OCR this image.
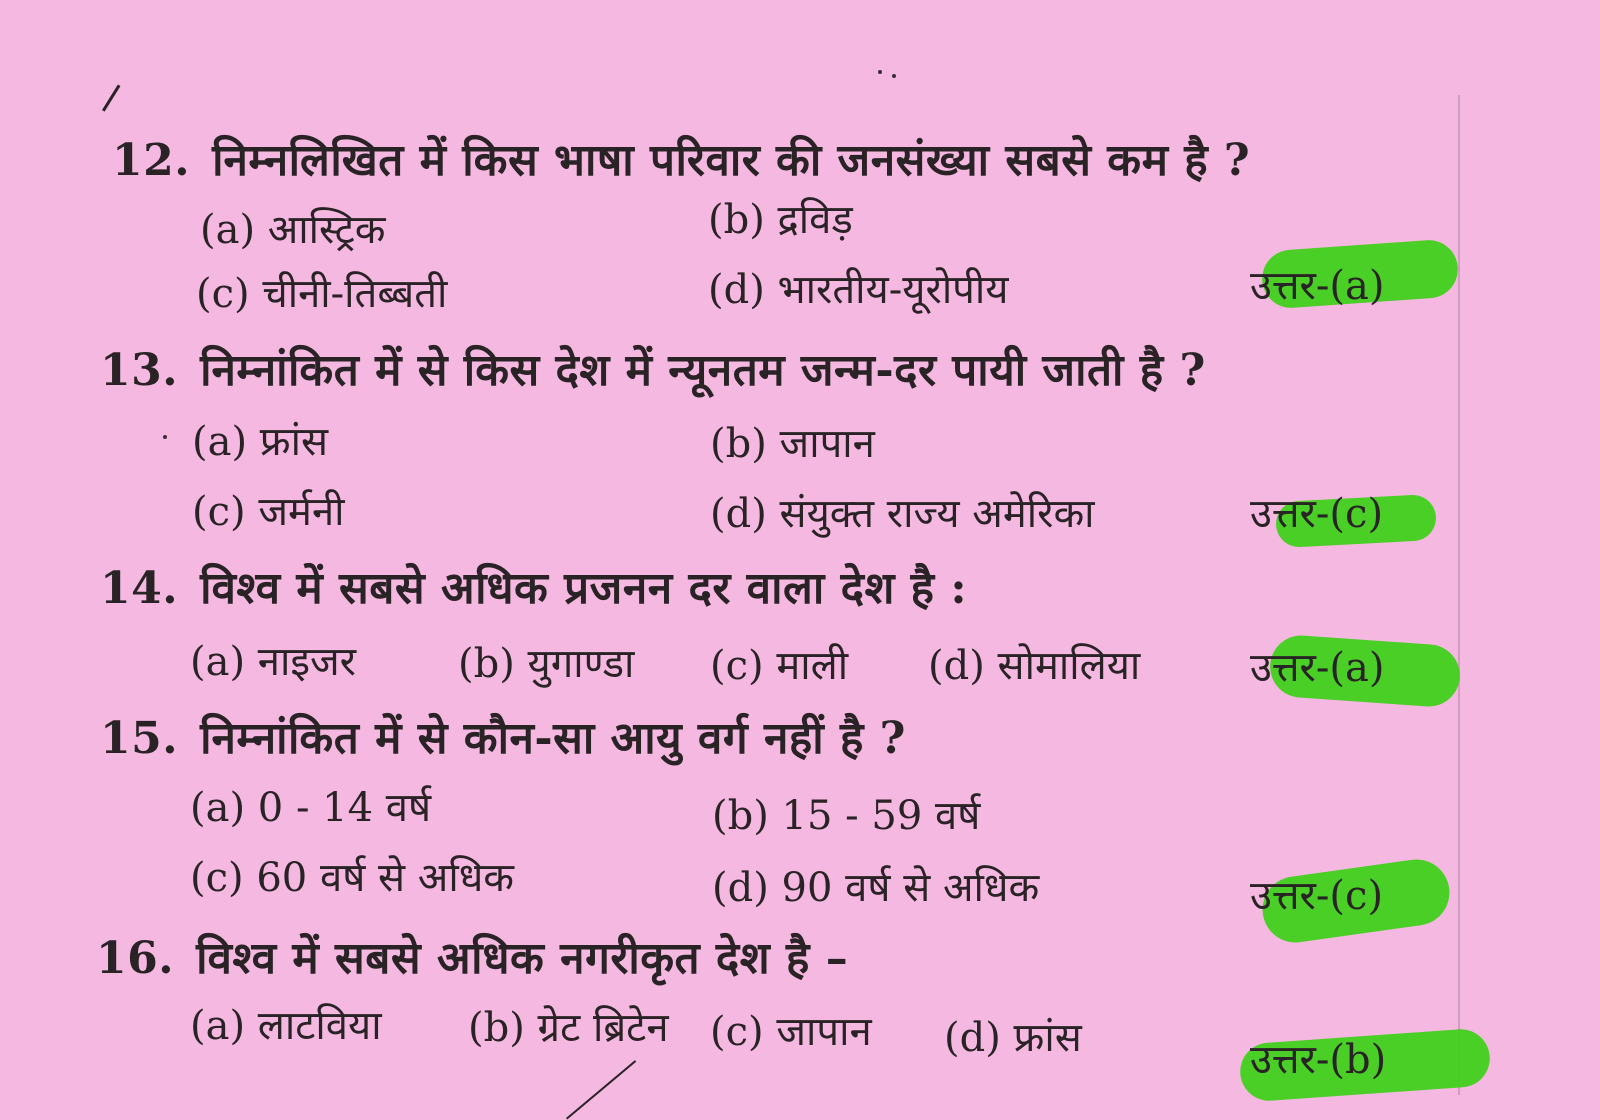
12. निम्नलिखित में किस भाषा परिवार की जनसंख्या सबसे कम है ?
(a) आस्ट्रिक	(b) द्रविड़
(c) चीनी-तिब्बती	(d) भारतीय-यूरोपीय	उत्तर-(a)
13. निम्नांकित में से किस देश में न्यूनतम जन्म-दर पायी जाती है ?
(a) फ्रांस	(b) जापान
(c) जर्मनी	(d) संयुक्त राज्य अमेरिका	उत्तर-(c)
14. विश्व में सबसे अधिक प्रजनन दर वाला देश है :
(a) नाइजर	(b) युगाण्डा (c) माली (d) सोमालिया	उत्तर-(a)
15. निम्नांकित में से कौन-सा आयु वर्ग नहीं है ?
(a) 0 - 14 वर्ष	(b) 15 - 59 वर्ष
(c) 60 वर्ष से अधिक	(d) 90 वर्ष से अधिक	उत्तर-(c)
16. विश्व में सबसे अधिक नगरीकृत देश है –
(a) लाटविया (b) ग्रेट ब्रिटेन (c) जापान (d) फ्रांस	उत्तर-(b)
